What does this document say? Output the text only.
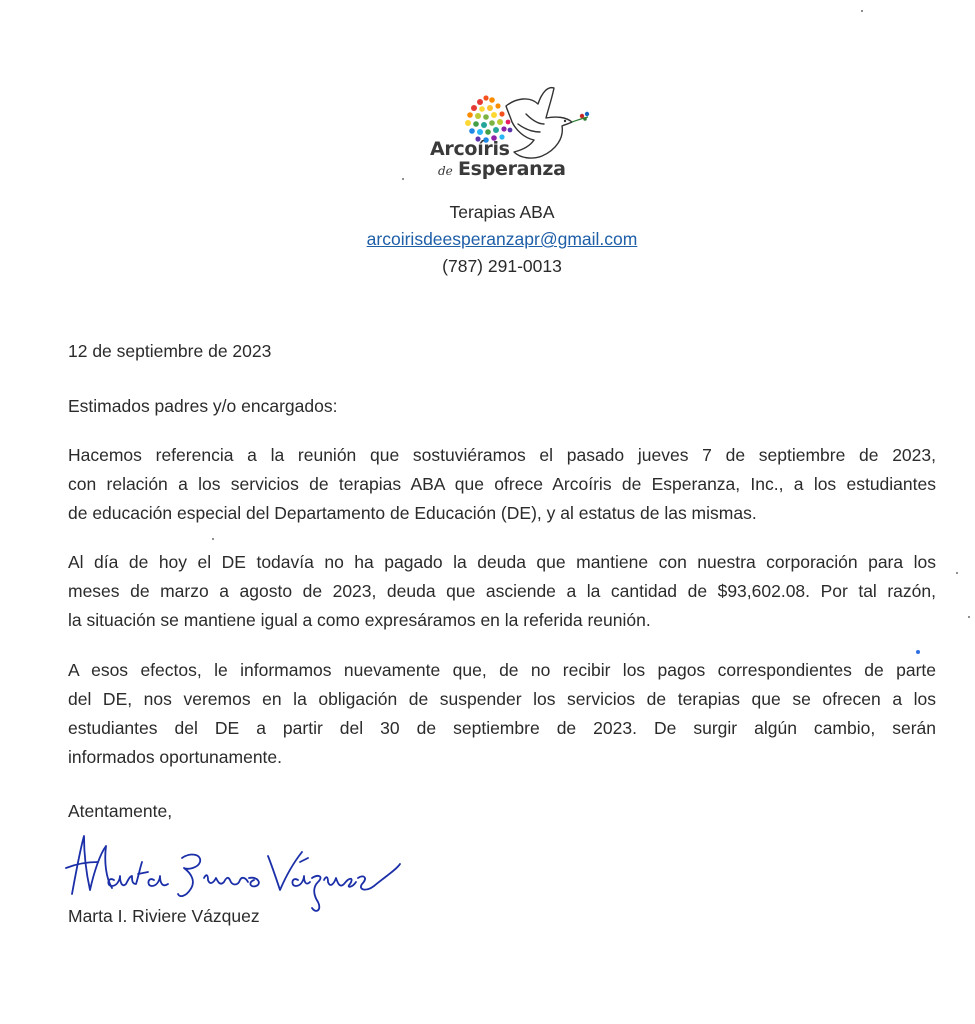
Arcoíris
de Esperanza
Terapias ABA
arcoirisdeesperanzapr@gmail.com
(787) 291-0013
12 de septiembre de 2023
Estimados padres y/o encargados:
Hacemos referencia a la reunión que sostuviéramos el pasado jueves 7 de septiembre de 2023,
con relación a los servicios de terapias ABA que ofrece Arcoíris de Esperanza, Inc., a los estudiantes
de educación especial del Departamento de Educación (DE), y al estatus de las mismas.
Al día de hoy el DE todavía no ha pagado la deuda que mantiene con nuestra corporación para los
meses de marzo a agosto de 2023, deuda que asciende a la cantidad de $93,602.08. Por tal razón,
la situación se mantiene igual a como expresáramos en la referida reunión.
A esos efectos, le informamos nuevamente que, de no recibir los pagos correspondientes de parte
del DE, nos veremos en la obligación de suspender los servicios de terapias que se ofrecen a los
estudiantes del DE a partir del 30 de septiembre de 2023. De surgir algún cambio, serán
informados oportunamente.
Atentamente,
Marta I. Riviere Vázquez
